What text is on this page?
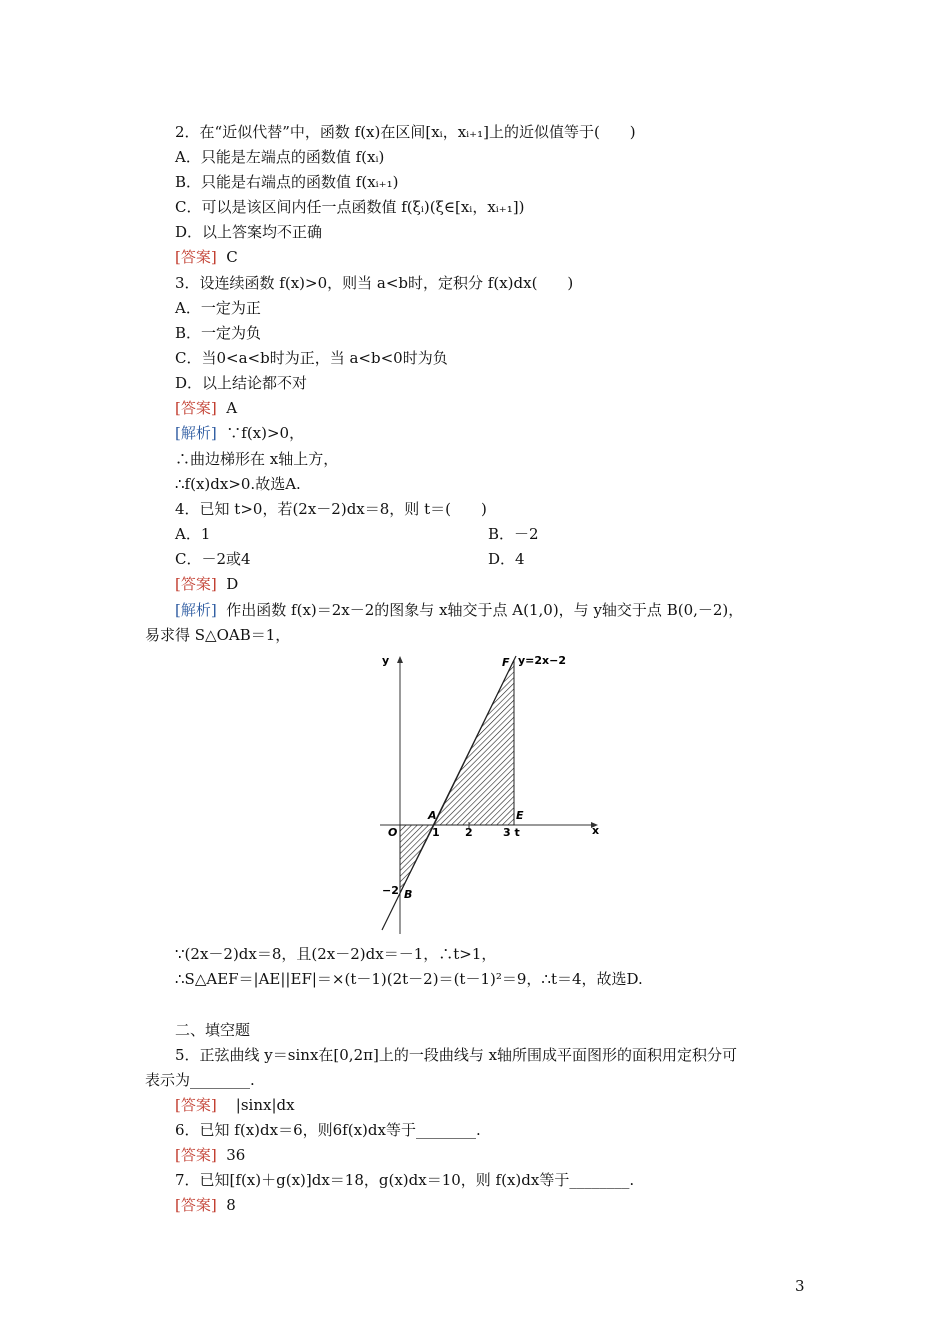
2．在“近似代替”中，函数 f(x)在区间[xᵢ，xᵢ₊₁]上的近似值等于(　　)
A．只能是左端点的函数值 f(xᵢ)
B．只能是右端点的函数值 f(xᵢ₊₁)
C．可以是该区间内任一点函数值 f(ξᵢ)(ξ∈[xᵢ，xᵢ₊₁])
D．以上答案均不正确
[答案] C
3．设连续函数 f(x)>0，则当 a<b时，定积分 f(x)dx(　　)
A．一定为正
B．一定为负
C．当0<a<b时为正，当 a<b<0时为负
D．以上结论都不对
[答案] A
[解析] ∵f(x)>0，
∴曲边梯形在 x轴上方，
∴f(x)dx>0.故选A.
4．已知 t>0，若(2x－2)dx＝8，则 t＝(　　)
A．1	B．－2
C．－2或4	D．4
[答案] D
[解析] 作出函数 f(x)＝2x－2的图象与 x轴交于点 A(1,0)，与 y轴交于点 B(0,－2)，
易求得 S△OAB＝1，
y
x
F y=2x−2
A	E
O	1 2	3 t
−2 B
∵(2x－2)dx＝8，且(2x－2)dx＝－1，∴t>1，
∴S△AEF＝|AE||EF|＝×(t－1)(2t－2)＝(t－1)²＝9，∴t＝4，故选D.
二、填空题
5．正弦曲线 y＝sinx在[0,2π]上的一段曲线与 x轴所围成平面图形的面积用定积分可
表示为________.
[答案] |sinx|dx
6．已知 f(x)dx＝6，则6f(x)dx等于________.
[答案] 36
7．已知[f(x)＋g(x)]dx＝18，g(x)dx＝10，则 f(x)dx等于________.
[答案] 8
3
